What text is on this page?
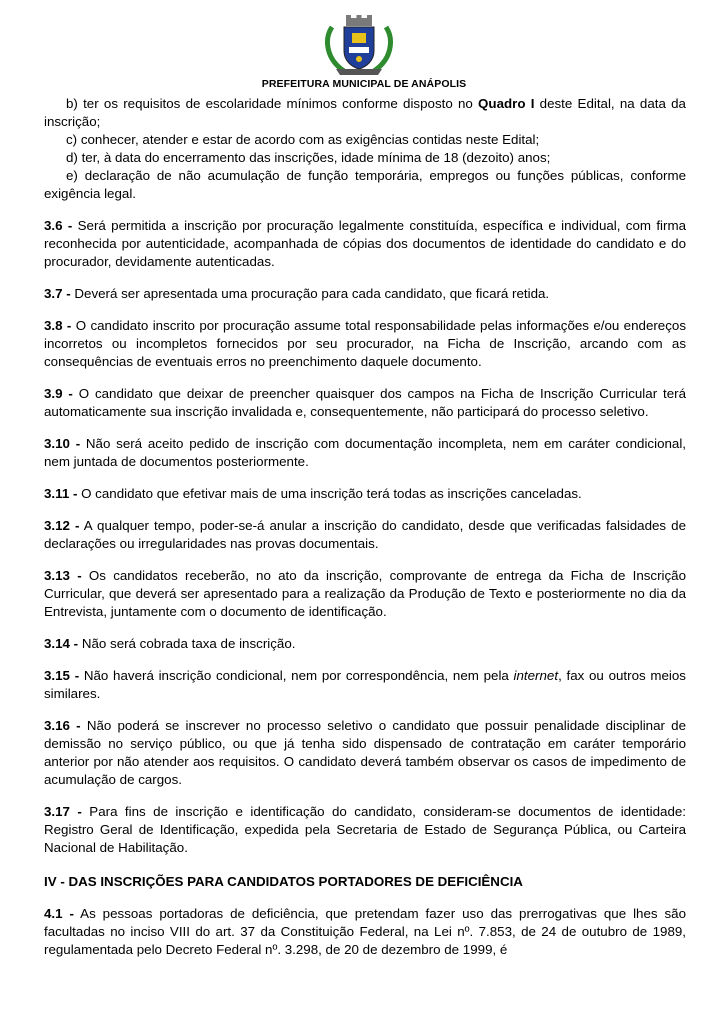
PREFEITURA MUNICIPAL DE ANÁPOLIS

b) ter os requisitos de escolaridade mínimos conforme disposto no Quadro I deste Edital, na data da inscrição;

c) conhecer, atender e estar de acordo com as exigências contidas neste Edital;

d) ter, à data do encerramento das inscrições, idade mínima de 18 (dezoito) anos;

e) declaração de não acumulação de função temporária, empregos ou funções públicas, conforme exigência legal.

3.6 - Será permitida a inscrição por procuração legalmente constituída, específica e individual, com firma reconhecida por autenticidade, acompanhada de cópias dos documentos de identidade do candidato e do procurador, devidamente autenticadas.

3.7 - Deverá ser apresentada uma procuração para cada candidato, que ficará retida.

3.8 - O candidato inscrito por procuração assume total responsabilidade pelas informações e/ou endereços incorretos ou incompletos fornecidos por seu procurador, na Ficha de Inscrição, arcando com as consequências de eventuais erros no preenchimento daquele documento.

3.9 - O candidato que deixar de preencher quaisquer dos campos na Ficha de Inscrição Curricular terá automaticamente sua inscrição invalidada e, consequentemente, não participará do processo seletivo.

3.10 - Não será aceito pedido de inscrição com documentação incompleta, nem em caráter condicional, nem juntada de documentos posteriormente.

3.11 - O candidato que efetivar mais de uma inscrição terá todas as inscrições canceladas.

3.12 - A qualquer tempo, poder-se-á anular a inscrição do candidato, desde que verificadas falsidades de declarações ou irregularidades nas provas documentais.

3.13 - Os candidatos receberão, no ato da inscrição, comprovante de entrega da Ficha de Inscrição Curricular, que deverá ser apresentado para a realização da Produção de Texto e posteriormente no dia da Entrevista, juntamente com o documento de identificação.

3.14 - Não será cobrada taxa de inscrição.

3.15 - Não haverá inscrição condicional, nem por correspondência, nem pela internet, fax ou outros meios similares.

3.16 - Não poderá se inscrever no processo seletivo o candidato que possuir penalidade disciplinar de demissão no serviço público, ou que já tenha sido dispensado de contratação em caráter temporário anterior por não atender aos requisitos. O candidato deverá também observar os casos de impedimento de acumulação de cargos.

3.17 - Para fins de inscrição e identificação do candidato, consideram-se documentos de identidade: Registro Geral de Identificação, expedida pela Secretaria de Estado de Segurança Pública, ou Carteira Nacional de Habilitação.

IV - DAS INSCRIÇÕES PARA CANDIDATOS PORTADORES DE DEFICIÊNCIA

4.1 - As pessoas portadoras de deficiência, que pretendam fazer uso das prerrogativas que lhes são facultadas no inciso VIII do art. 37 da Constituição Federal, na Lei nº. 7.853, de 24 de outubro de 1989, regulamentada pelo Decreto Federal nº. 3.298, de 20 de dezembro de 1999, é
